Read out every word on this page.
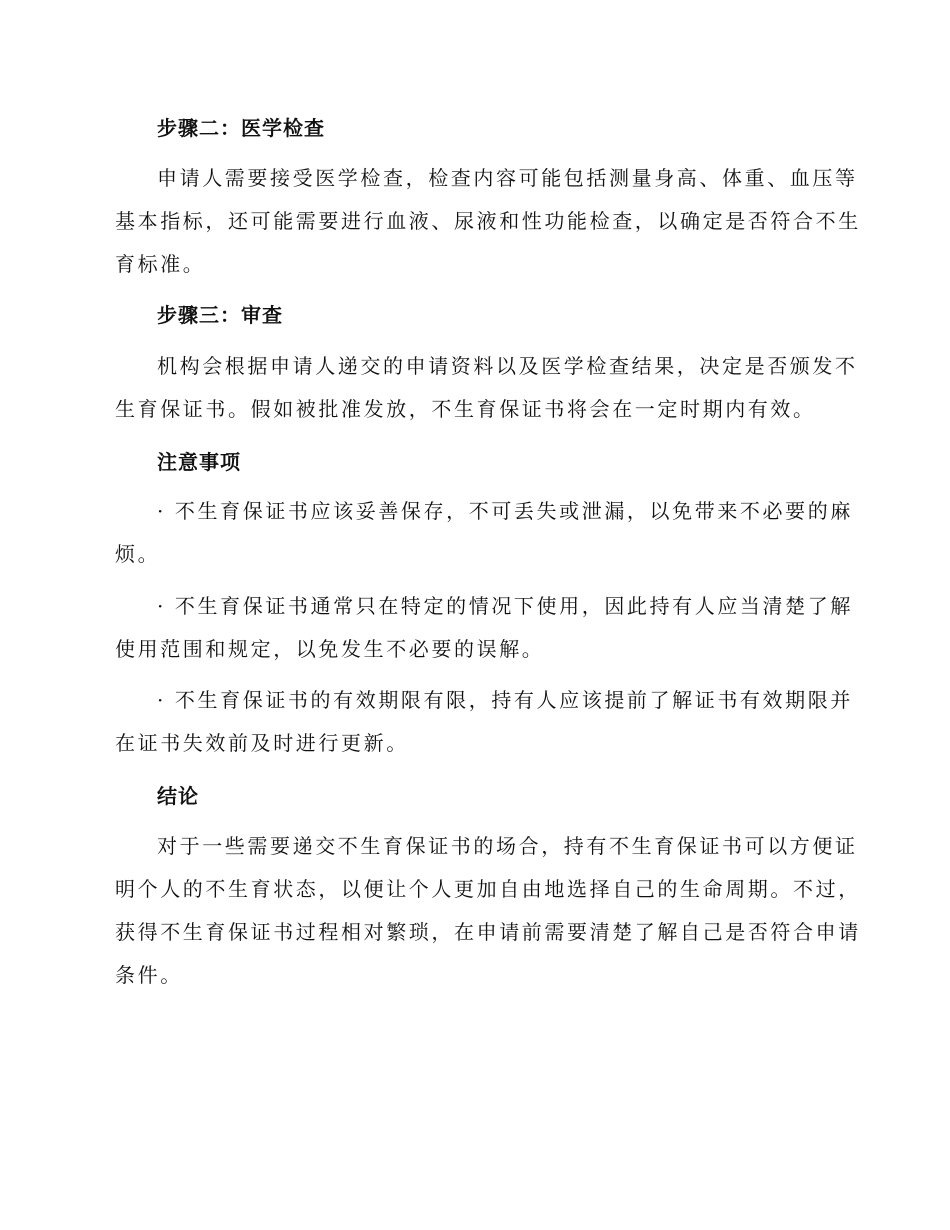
步骤二：医学检查
申请人需要接受医学检查，检查内容可能包括测量身高、体重、血压等
基本指标，还可能需要进行血液、尿液和性功能检查，以确定是否符合不生
育标准。
步骤三：审查
机构会根据申请人递交的申请资料以及医学检查结果，决定是否颁发不
生育保证书。假如被批准发放，不生育保证书将会在一定时期内有效。
注意事项
· 不生育保证书应该妥善保存，不可丢失或泄漏，以免带来不必要的麻
烦。
· 不生育保证书通常只在特定的情况下使用，因此持有人应当清楚了解
使用范围和规定，以免发生不必要的误解。
· 不生育保证书的有效期限有限，持有人应该提前了解证书有效期限并
在证书失效前及时进行更新。
结论
对于一些需要递交不生育保证书的场合，持有不生育保证书可以方便证
明个人的不生育状态，以便让个人更加自由地选择自己的生命周期。不过，
获得不生育保证书过程相对繁琐，在申请前需要清楚了解自己是否符合申请
条件。
